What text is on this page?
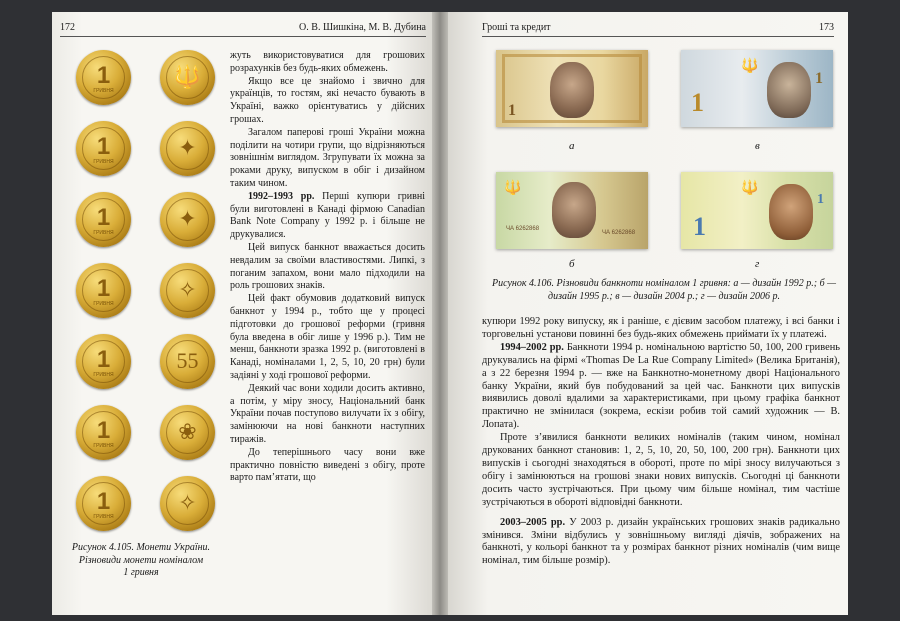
172	О. В. Шишкіна, М. В. Дубина
1
ГРИВНЯ
🔱
1
ГРИВНЯ
✦
1
ГРИВНЯ
✦
1
ГРИВНЯ
✧
1
ГРИВНЯ
55
1
ГРИВНЯ
❀
1
ГРИВНЯ
✧
Рисунок 4.105. Монети України.
Різновиди монети номіналом
1 гривня

жуть використовуватися для грошових розрахунків без будь-яких обмежень.

Якщо все це знайомо і звично для українців, то гостям, які нечасто бувають в Україні, важко орієнтуватись у дійсних грошах.

Загалом паперові гроші України можна поділити на чотири групи, що відрізняються зовнішнім виглядом. Згрупувати їх можна за роками друку, випуском в обіг і дизайном таким чином.

1992–1993 рр. Перші купюри гривні були виготовлені в Канаді фірмою Canadian Bank Note Company у 1992 р. і більше не друкувалися.

Цей випуск банкнот вважається досить невдалим за своїми властивостями. Липкі, з поганим запахом, вони мало підходили на роль грошових знаків.

Цей факт обумовив додатковий випуск банкнот у 1994 р., тобто ще у процесі підготовки до грошової реформи (гривня була введена в обіг лише у 1996 р.). Тим не менш, банкноти зразка 1992 р. (виготовлені в Канаді, номіналами 1, 2, 5, 10, 20 грн) були задіяні у ході грошової реформи.

Деякий час вони ходили досить активно, а потім, у міру зносу, Національний банк України почав поступово вилучати їх з обігу, замінюючи на нові банкноти наступних тиражів.

До теперішнього часу вони вже практично повністю виведені з обігу, проте варто пам’ятати, що

Гроші та кредит	173
1
а
🔱
1
1
в
🔱
ЧА 6262868
ЧА 6262868
б
🔱
1
1
г
Рисунок 4.106. Різновиди банкноти номіналом 1 гривня: а — дизайн 1992 р.; б — дизайн 1995 р.; в — дизайн 2004 р.; г — дизайн 2006 р.

купюри 1992 року випуску, як і раніше, є дієвим засобом платежу, і всі банки і торговельні установи повинні без будь-яких обмежень приймати їх у платежі.

1994–2002 рр. Банкноти 1994 р. номінальною вартістю 50, 100, 200 гривень друкувались на фірмі «Thomas De La Rue Company Limited» (Велика Британія), а з 22 березня 1994 р. — вже на Банкнотно-монетному дворі Національного банку України, який був побудований за цей час. Банкноти цих випусків виявились доволі вдалими за характеристиками, при цьому графіка банкнот практично не змінилася (зокрема, ескізи робив той самий художник — В. Лопата).

Проте з’явилися банкноти великих номіналів (таким чином, номінал друкованих банкнот становив: 1, 2, 5, 10, 20, 50, 100, 200 грн). Банкноти цих випусків і сьогодні знаходяться в обороті, проте по мірі зносу вилучаються з обігу і замінюються на грошові знаки нових випусків. Сьогодні ці банкноти досить часто зустрічаються. При цьому чим більше номінал, тим частіше зустрічаються в обороті відповідні банкноти.

2003–2005 рр. У 2003 р. дизайн українських грошових знаків радикально змінився. Зміни відбулись у зовнішньому вигляді діячів, зображених на банкноті, у кольорі банкнот та у розмірах банкнот різних номіналів (чим вище номінал, тим більше розмір).
